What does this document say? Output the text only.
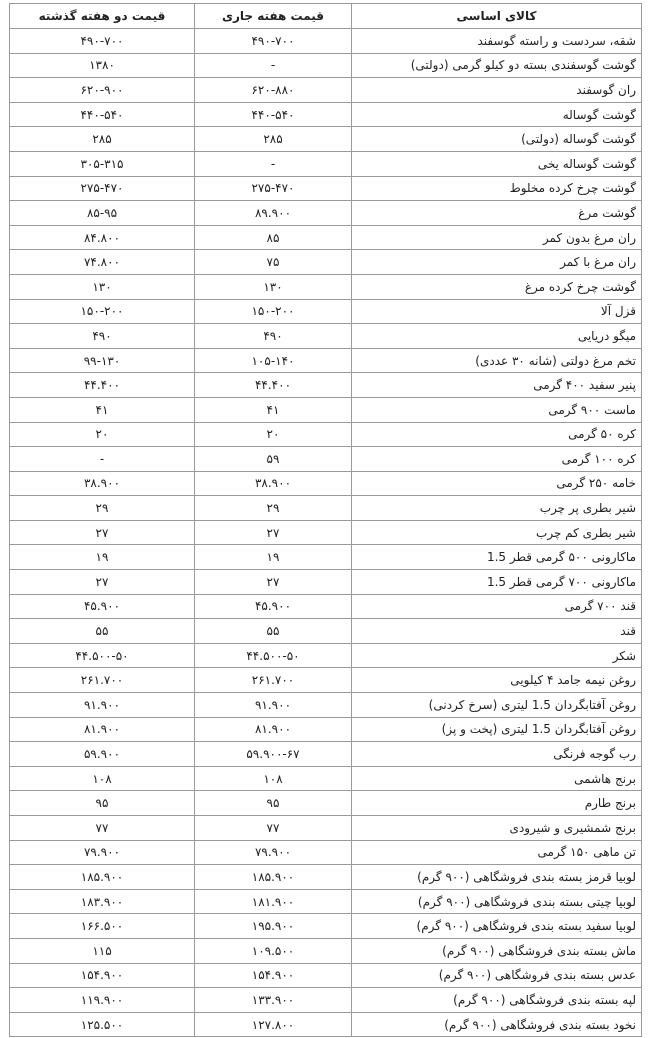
کالای اساسی	قیمت هفته جاری	قیمت دو هفته گذشته
شقه، سردست و راسته گوسفند	۴۹۰-۷۰۰	۴۹۰-۷۰۰
گوشت گوسفندی بسته دو کیلو گرمی (دولتی)	-	۱۳۸۰
ران گوسفند	۶۲۰-۸۸۰	۶۲۰-۹۰۰
گوشت گوساله	۴۴۰-۵۴۰	۴۴۰-۵۴۰
گوشت گوساله (دولتی)	۲۸۵	۲۸۵
گوشت گوساله یخی	-	۳۰۵-۳۱۵
گوشت چرخ کرده مخلوط	۲۷۵-۴۷۰	۲۷۵-۴۷۰
گوشت مرغ	۸۹.۹۰۰	۸۵-۹۵
ران مرغ بدون کمر	۸۵	۸۴.۸۰۰
ران مرغ با کمر	۷۵	۷۴.۸۰۰
گوشت چرخ کرده مرغ	۱۳۰	۱۳۰
قزل آلا	۱۵۰-۲۰۰	۱۵۰-۲۰۰
میگو دریایی	۴۹۰	۴۹۰
تخم مرغ دولتی (شانه ۳۰ عددی)	۱۰۵-۱۴۰	۹۹-۱۳۰
پنیر سفید ۴۰۰ گرمی	۴۴.۴۰۰	۴۴.۴۰۰
ماست ۹۰۰ گرمی	۴۱	۴۱
کره ۵۰ گرمی	۲۰	۲۰
کره ۱۰۰ گرمی	۵۹	-
خامه ۲۵۰ گرمی	۳۸.۹۰۰	۳۸.۹۰۰
شیر بطری پر چرب	۲۹	۲۹
شیر بطری کم چرب	۲۷	۲۷
ماکارونی ۵۰۰ گرمی قطر 1.5	۱۹	۱۹
ماکارونی ۷۰۰ گرمی قطر 1.5	۲۷	۲۷
قند ۷۰۰ گرمی	۴۵.۹۰۰	۴۵.۹۰۰
قند	۵۵	۵۵
شکر	۴۴.۵۰۰-۵۰	۴۴.۵۰۰-۵۰
روغن نیمه جامد ۴ کیلویی	۲۶۱.۷۰۰	۲۶۱.۷۰۰
روغن آفتابگردان 1.5 لیتری (سرخ کردنی)	۹۱.۹۰۰	۹۱.۹۰۰
روغن آفتابگردان 1.5 لیتری (پخت و پز)	۸۱.۹۰۰	۸۱.۹۰۰
رب گوجه فرنگی	۵۹.۹۰۰-۶۷	۵۹.۹۰۰
برنج هاشمی	۱۰۸	۱۰۸
برنج طارم	۹۵	۹۵
برنج شمشیری و شیرودی	۷۷	۷۷
تن ماهی ۱۵۰ گرمی	۷۹.۹۰۰	۷۹.۹۰۰
لوبیا قرمز بسته بندی فروشگاهی (۹۰۰ گرم)	۱۸۵.۹۰۰	۱۸۵.۹۰۰
لوبیا چیتی بسته بندی فروشگاهی (۹۰۰ گرم)	۱۸۱.۹۰۰	۱۸۳.۹۰۰
لوبیا سفید بسته بندی فروشگاهی (۹۰۰ گرم)	۱۹۵.۹۰۰	۱۶۶.۵۰۰
ماش بسته بندی فروشگاهی (۹۰۰ گرم)	۱۰۹.۵۰۰	۱۱۵
عدس بسته بندی فروشگاهی (۹۰۰ گرم)	۱۵۴.۹۰۰	۱۵۴.۹۰۰
لپه بسته بندی فروشگاهی (۹۰۰ گرم)	۱۳۳.۹۰۰	۱۱۹.۹۰۰
نخود بسته بندی فروشگاهی (۹۰۰ گرم)	۱۲۷.۸۰۰	۱۲۵.۵۰۰
